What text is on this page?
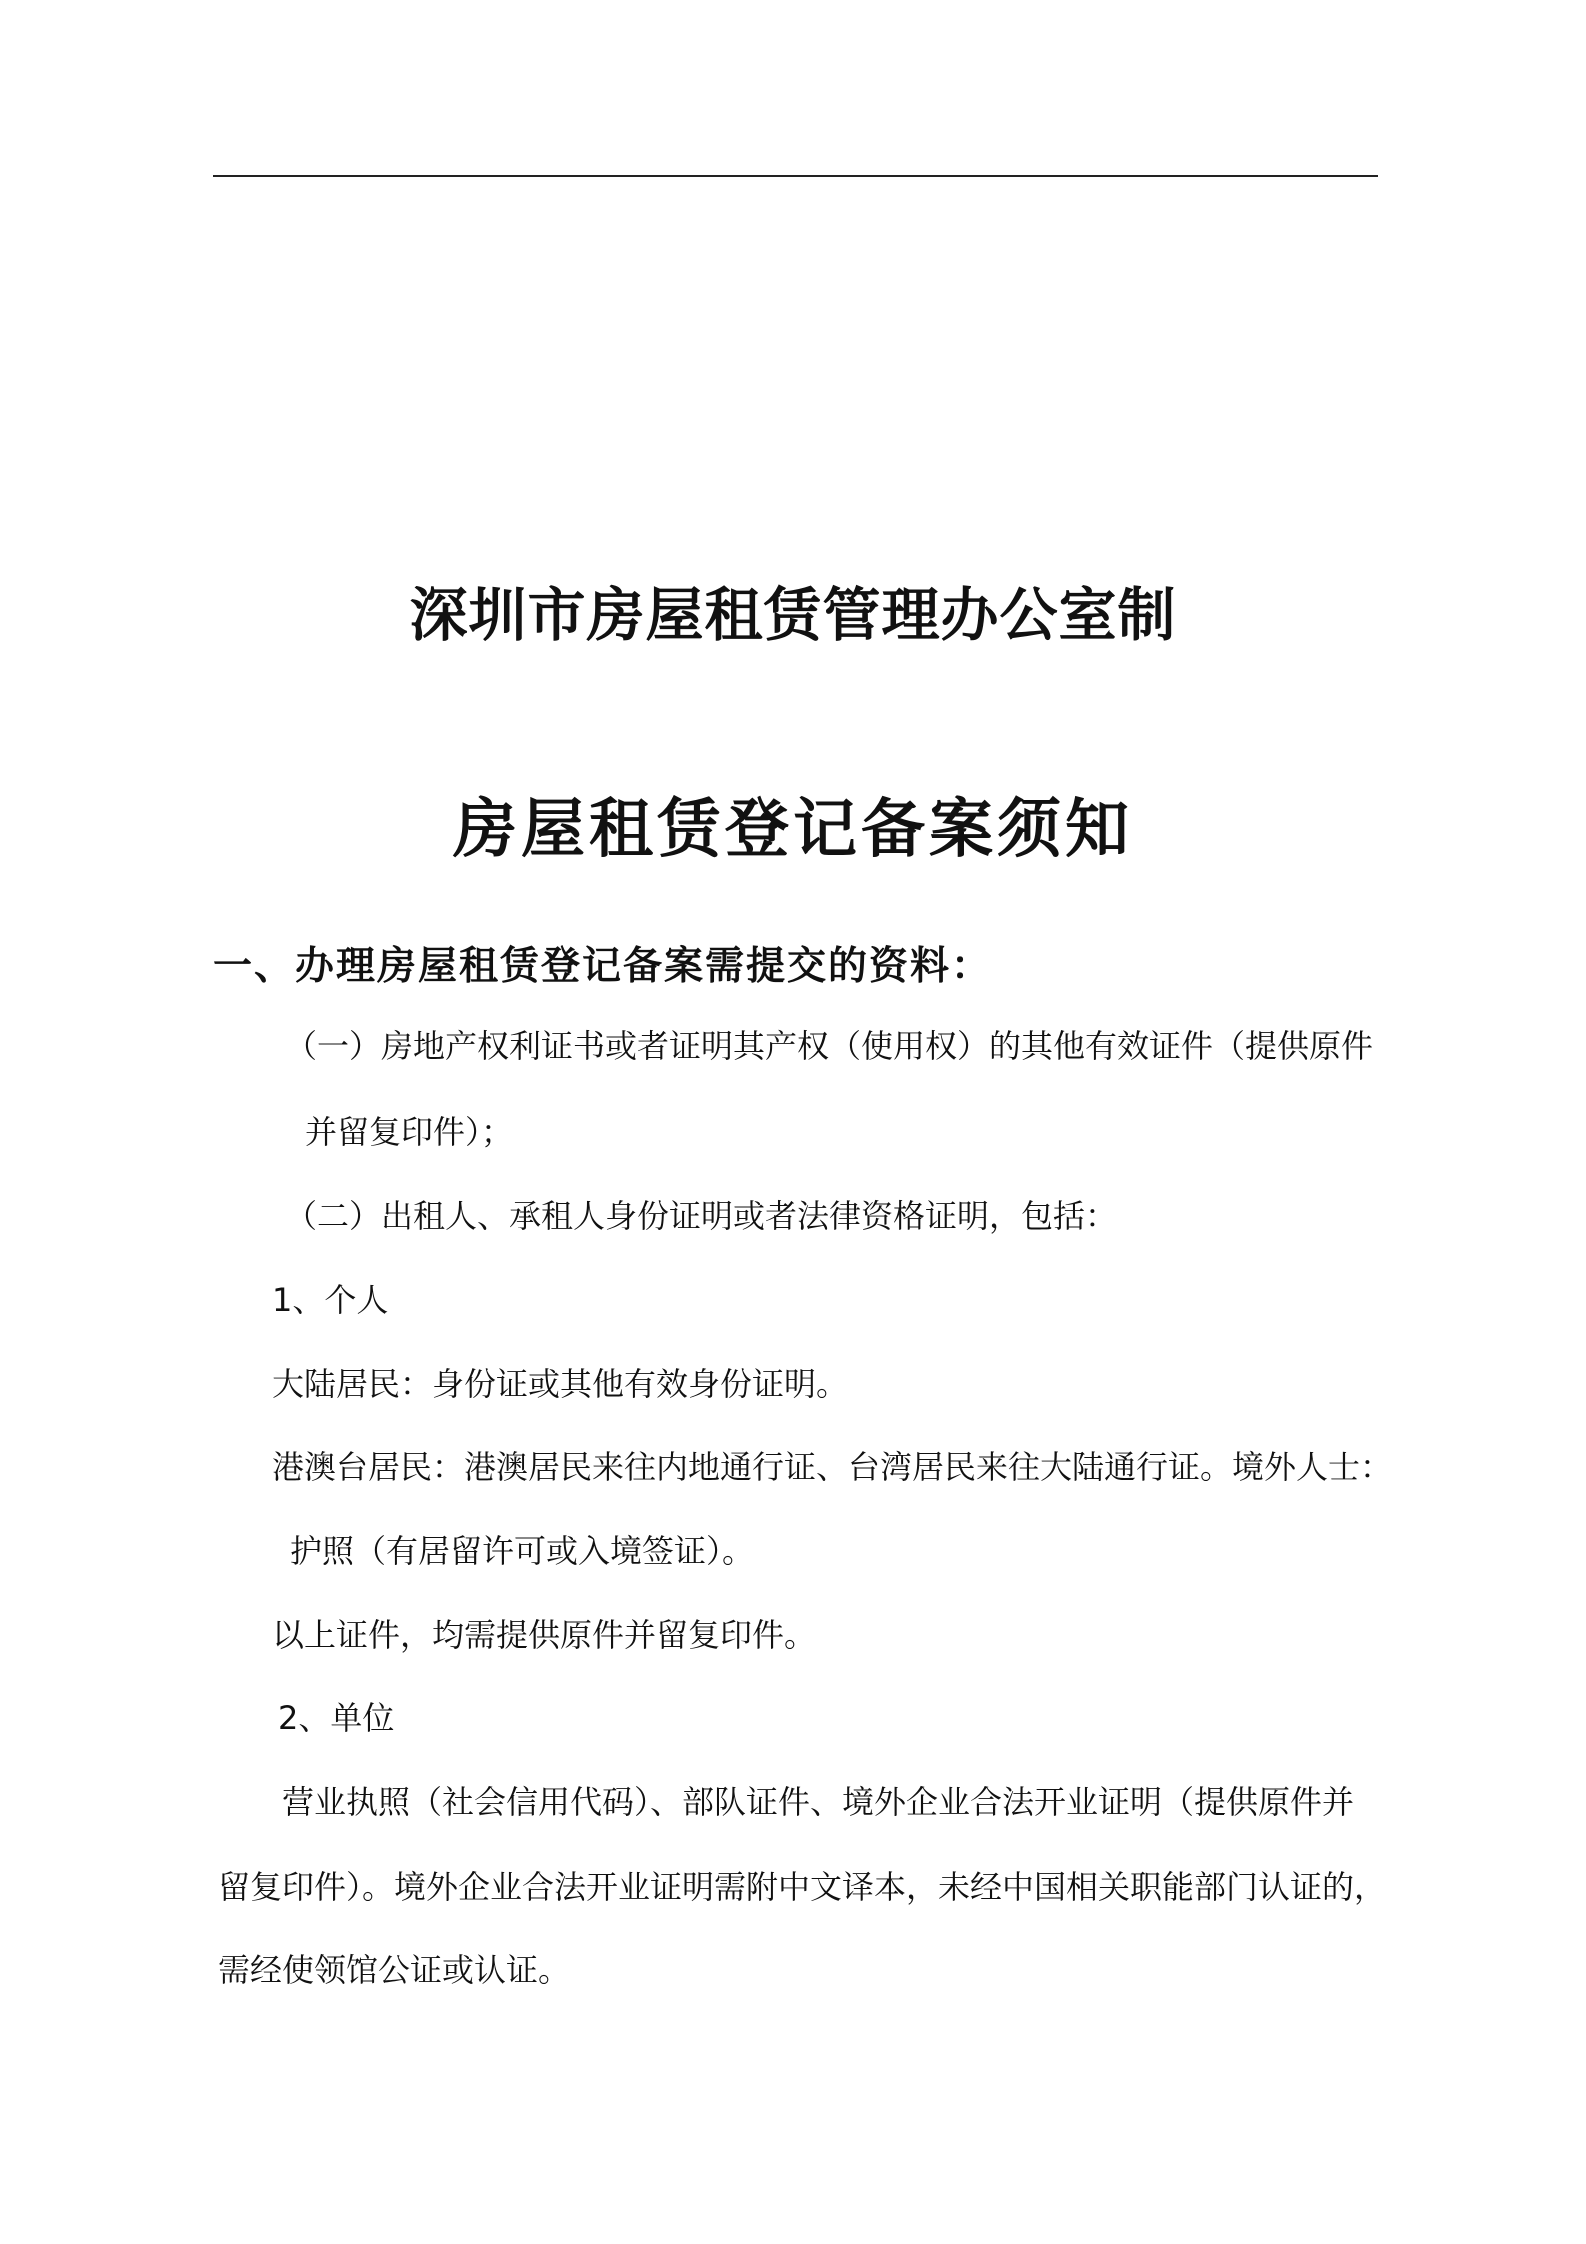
深圳市房屋租赁管理办公室制
房屋租赁登记备案须知
一、办理房屋租赁登记备案需提交的资料：
（一）房地产权利证书或者证明其产权（使用权）的其他有效证件（提供原件
并留复印件）；
（二）出租人、承租人身份证明或者法律资格证明，包括：
1、个人
大陆居民：身份证或其他有效身份证明。
港澳台居民：港澳居民来往内地通行证、台湾居民来往大陆通行证。境外人士：
护照（有居留许可或入境签证）。
以上证件，均需提供原件并留复印件。
2、单位
营业执照（社会信用代码）、部队证件、境外企业合法开业证明（提供原件并
留复印件）。境外企业合法开业证明需附中文译本，未经中国相关职能部门认证的，
需经使领馆公证或认证。
